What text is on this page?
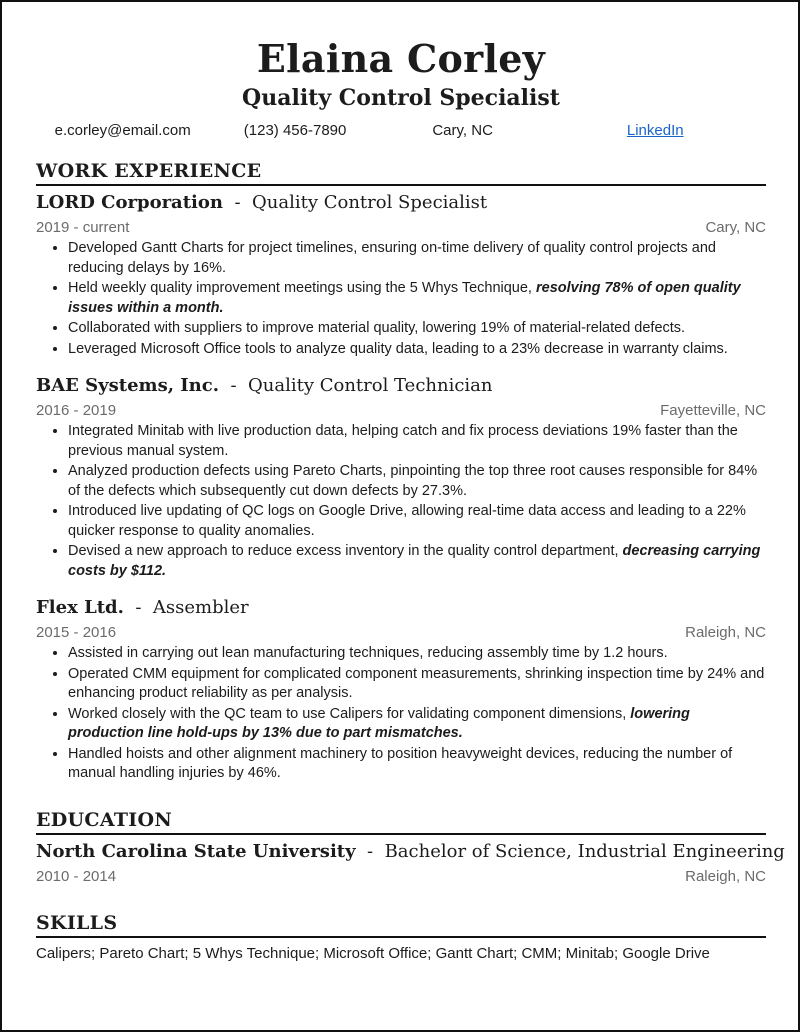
Elaina Corley
Quality Control Specialist
e.corley@email.com	(123) 456-7890	Cary, NC	LinkedIn
WORK EXPERIENCE
LORD Corporation  -  Quality Control Specialist
2019 - current	Cary, NC
• Developed Gantt Charts for project timelines, ensuring on-time delivery of quality control projects and reducing delays by 16%.
• Held weekly quality improvement meetings using the 5 Whys Technique, resolving 78% of open quality issues within a month.
• Collaborated with suppliers to improve material quality, lowering 19% of material-related defects.
• Leveraged Microsoft Office tools to analyze quality data, leading to a 23% decrease in warranty claims.
BAE Systems, Inc.  -  Quality Control Technician
2016 - 2019	Fayetteville, NC
• Integrated Minitab with live production data, helping catch and fix process deviations 19% faster than the previous manual system.
• Analyzed production defects using Pareto Charts, pinpointing the top three root causes responsible for 84% of the defects which subsequently cut down defects by 27.3%.
• Introduced live updating of QC logs on Google Drive, allowing real-time data access and leading to a 22% quicker response to quality anomalies.
• Devised a new approach to reduce excess inventory in the quality control department, decreasing carrying costs by $112.
Flex Ltd.  -  Assembler
2015 - 2016	Raleigh, NC
• Assisted in carrying out lean manufacturing techniques, reducing assembly time by 1.2 hours.
• Operated CMM equipment for complicated component measurements, shrinking inspection time by 24% and enhancing product reliability as per analysis.
• Worked closely with the QC team to use Calipers for validating component dimensions, lowering production line hold-ups by 13% due to part mismatches.
• Handled hoists and other alignment machinery to position heavyweight devices, reducing the number of manual handling injuries by 46%.
EDUCATION
North Carolina State University  -  Bachelor of Science, Industrial Engineering
2010 - 2014	Raleigh, NC
SKILLS
Calipers; Pareto Chart; 5 Whys Technique; Microsoft Office; Gantt Chart; CMM; Minitab; Google Drive
